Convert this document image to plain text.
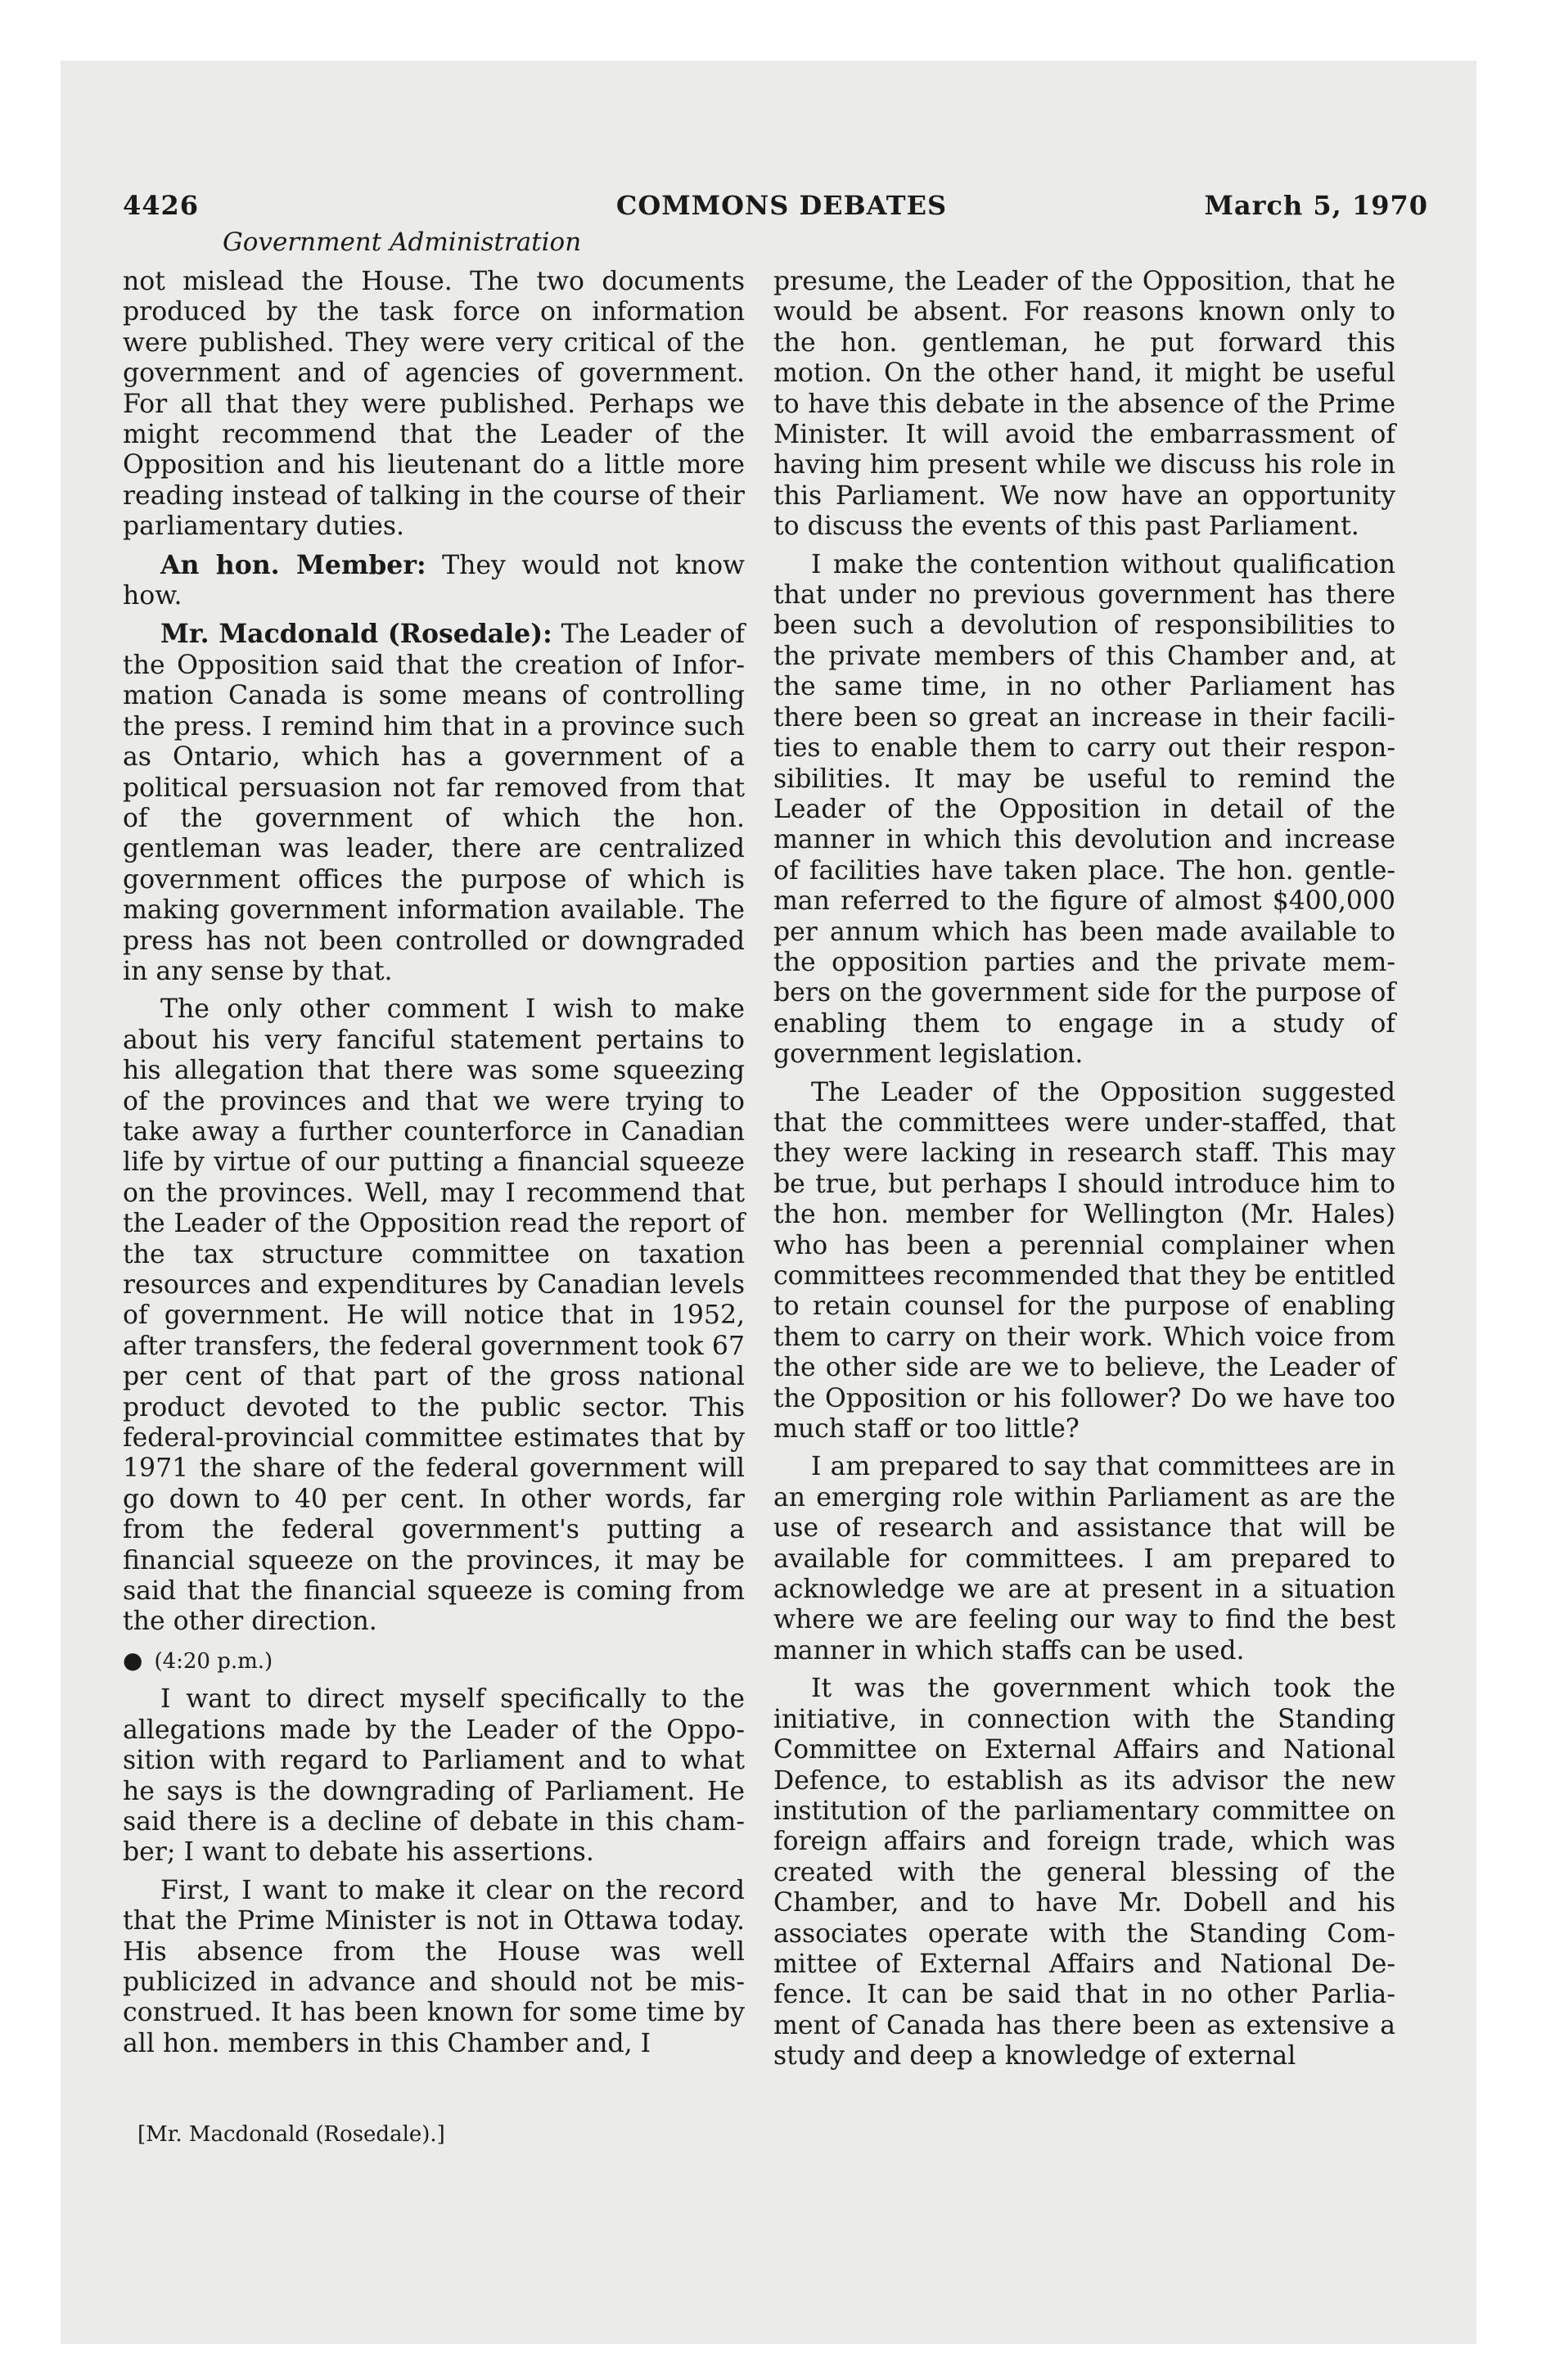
4426	COMMONS DEBATES	March 5, 1970
Government Administration

not mislead the House. The two documents produced by the task force on information were published. They were very critical of the government and of agencies of government. For all that they were published. Perhaps we might recommend that the Leader of the Opposition and his lieutenant do a little more reading instead of talking in the course of their parliamentary duties.

An hon. Member: They would not know how.

Mr. Macdonald (Rosedale): The Leader of the Opposition said that the creation of Information Canada is some means of controlling the press. I remind him that in a province such as Ontario, which has a government of a political persuasion not far removed from that of the government of which the hon. gentleman was leader, there are centralized government offices the purpose of which is making government information available. The press has not been controlled or downgraded in any sense by that.

The only other comment I wish to make about his very fanciful statement pertains to his allegation that there was some squeezing of the provinces and that we were trying to take away a further counterforce in Canadian life by virtue of our putting a financial squeeze on the provinces. Well, may I recommend that the Leader of the Opposition read the report of the tax structure committee on taxation resources and expenditures by Canadian levels of government. He will notice that in 1952, after transfers, the federal government took 67 per cent of that part of the gross national product devoted to the public sector. This federal-provincial committee estimates that by 1971 the share of the federal government will go down to 40 per cent. In other words, far from the federal government's putting a financial squeeze on the provinces, it may be said that the financial squeeze is coming from the other direction.

● (4:20 p.m.)

I want to direct myself specifically to the allegations made by the Leader of the Opposition with regard to Parliament and to what he says is the downgrading of Parliament. He said there is a decline of debate in this chamber; I want to debate his assertions.

First, I want to make it clear on the record that the Prime Minister is not in Ottawa today. His absence from the House was well publicized in advance and should not be misconstrued. It has been known for some time by all hon. members in this Chamber and, I

presume, the Leader of the Opposition, that he would be absent. For reasons known only to the hon. gentleman, he put forward this motion. On the other hand, it might be useful to have this debate in the absence of the Prime Minister. It will avoid the embarrassment of having him present while we discuss his role in this Parliament. We now have an opportunity to discuss the events of this past Parliament.

I make the contention without qualification that under no previous government has there been such a devolution of responsibilities to the private members of this Chamber and, at the same time, in no other Parliament has there been so great an increase in their facilities to enable them to carry out their responsibilities. It may be useful to remind the Leader of the Opposition in detail of the manner in which this devolution and increase of facilities have taken place. The hon. gentleman referred to the figure of almost $400,000 per annum which has been made available to the opposition parties and the private members on the government side for the purpose of enabling them to engage in a study of government legislation.

The Leader of the Opposition suggested that the committees were under-staffed, that they were lacking in research staff. This may be true, but perhaps I should introduce him to the hon. member for Wellington (Mr. Hales) who has been a perennial complainer when committees recommended that they be entitled to retain counsel for the purpose of enabling them to carry on their work. Which voice from the other side are we to believe, the Leader of the Opposition or his follower? Do we have too much staff or too little?

I am prepared to say that committees are in an emerging role within Parliament as are the use of research and assistance that will be available for committees. I am prepared to acknowledge we are at present in a situation where we are feeling our way to find the best manner in which staffs can be used.

It was the government which took the initiative, in connection with the Standing Committee on External Affairs and National Defence, to establish as its advisor the new institution of the parliamentary committee on foreign affairs and foreign trade, which was created with the general blessing of the Chamber, and to have Mr. Dobell and his associates operate with the Standing Committee of External Affairs and National Defence. It can be said that in no other Parliament of Canada has there been as extensive a study and deep a knowledge of external

[Mr. Macdonald (Rosedale).]
